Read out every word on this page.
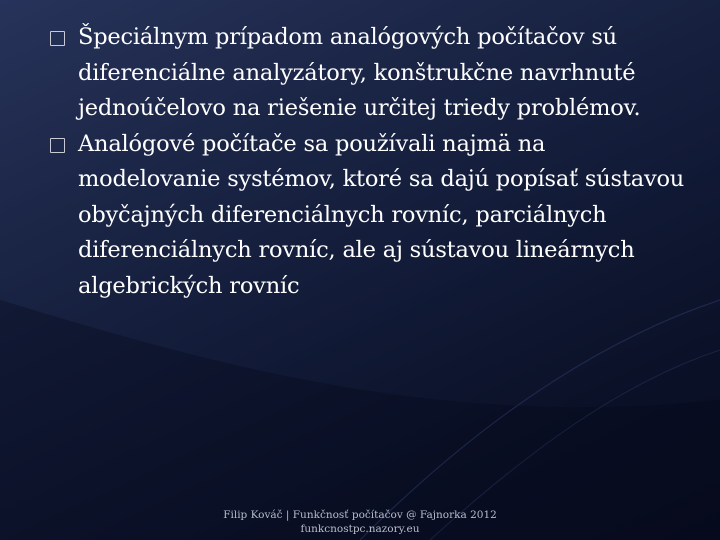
Špeciálnym prípadom analógových počítačov sú diferenciálne analyzátory, konštrukčne navrhnuté jednoúčelovo na riešenie určitej triedy problémov.
Analógové počítače sa používali najmä na modelovanie systémov, ktoré sa dajú popísať sústavou obyčajných diferenciálnych rovníc, parciálnych diferenciálnych rovníc, ale aj sústavou lineárnych algebrických rovníc
Filip Kováč | Funkčnosť počítačov @ Fajnorka 2012
funkcnostpc.nazory.eu
